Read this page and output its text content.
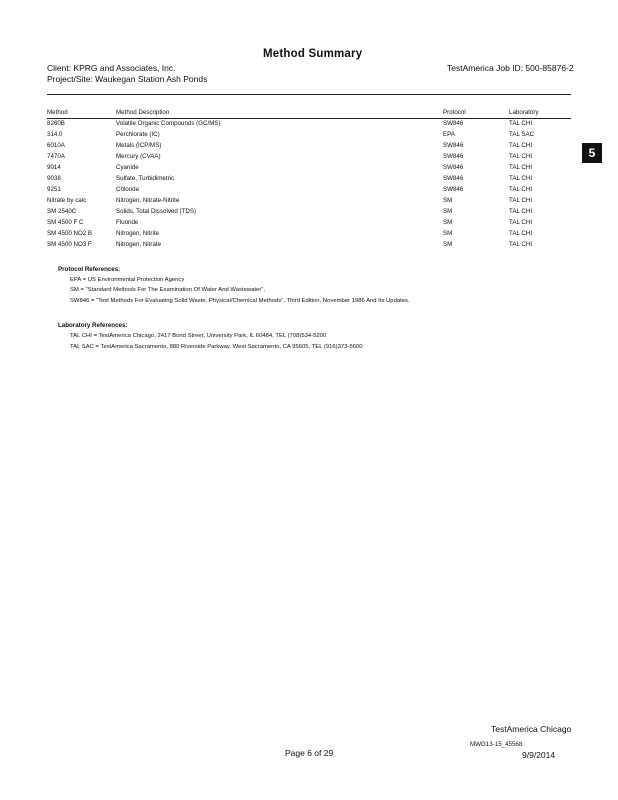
Method Summary
Client: KPRG and Associates, Inc.
Project/Site: Waukegan Station Ash Ponds
TestAmerica Job ID: 500-85876-2
5
Method	Method Description	Protocol	Laboratory
8260B	Volatile Organic Compounds (GC/MS)	SW846	TAL CHI
314.0	Perchlorate (IC)	EPA	TAL SAC
6010A	Metals (ICP/MS)	SW846	TAL CHI
7470A	Mercury (CVAA)	SW846	TAL CHI
9014	Cyanide	SW846	TAL CHI
9038	Sulfate, Turbidimetric	SW846	TAL CHI
9251	Chloride	SW846	TAL CHI
Nitrate by calc	Nitrogen, Nitrate-Nitrite	SM	TAL CHI
SM 2540C	Solids, Total Dissolved (TDS)	SM	TAL CHI
SM 4500 F C	Fluoride	SM	TAL CHI
SM 4500 NO2 B	Nitrogen, Nitrite	SM	TAL CHI
SM 4500 NO3 F	Nitrogen, Nitrate	SM	TAL CHI
Protocol References:
EPA = US Environmental Protection Agency
SM = "Standard Methods For The Examination Of Water And Wastewater",
SW846 = "Test Methods For Evaluating Solid Waste, Physical/Chemical Methods", Third Edition, November 1986 And Its Updates.
Laboratory References:
TAL CHI = TestAmerica Chicago, 2417 Bond Street, University Park, IL 60484, TEL (708)534-5200
TAL SAC = TestAmerica Sacramento, 880 Riverside Parkway, West Sacramento, CA 95605, TEL (916)373-5600
TestAmerica Chicago
Page 6 of 29
MWG13-15_45568
9/9/2014
